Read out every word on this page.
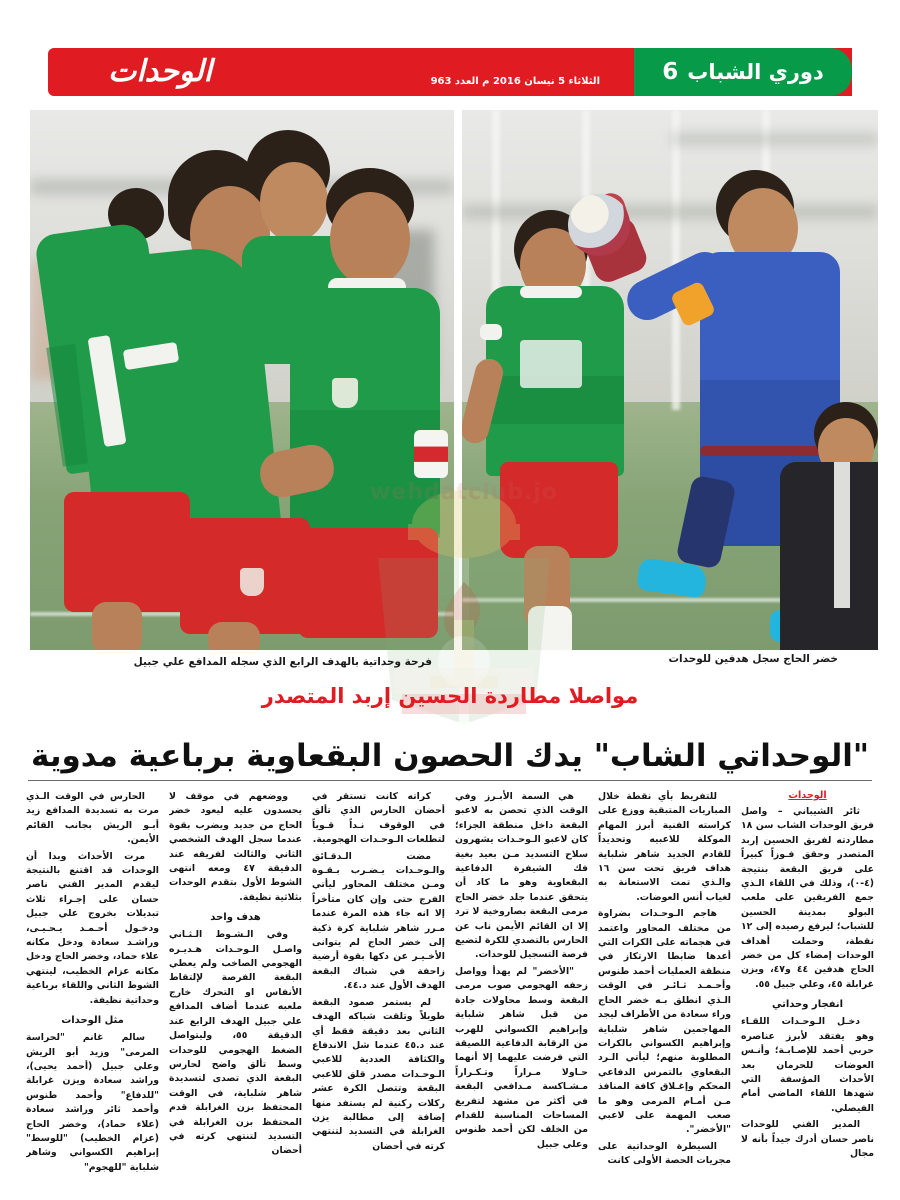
الوحدات	الثلاثاء 5 نيسان 2016 م العدد 963	دوري الشباب
6
خضر الحاج سجل هدفين للوحدات
فرحة وحداتية بالهدف الرابع الذي سجله المدافع علي جبيل
مواصلا مطاردة الحسين إربد المتصدر
"الوحداتي الشاب" يدك الحصون البقعاوية برباعية مدوية
الوحدات

ثائر الشيباني – واصل فريق الوحدات الشاب سن ١٨ مطاردته لفريق الحسين إربد المتصدر وحقق فـوزاً كبيراً على فريق البقعة بنتيجة (٤-٠)، وذلك في اللقاء الـذي جمع الفريقين على ملعب البولو بمدينة الحسين للشباب؛ ليرفع رصيده إلى ١٢ نقطة، وحملت أهداف الوحدات إمضاء كل من خضر الحاج هدفين ٤٤ و٤٧، ويزن غرابلة ٤٥، وعلي جبيل ٥٥.

انفجار وحداتي

دخـل الـوحـدات اللقـاء وهو يفتقد لأبرز عناصره حربي أحمد للإصـابـة؛ وأنـس العوضات للحرمان بعد الأحداث المؤسفة التي شهدها اللقاء الماضي أمام الفيصلي.

المدير الفني للوحدات ناصر حسان أدرك جيداً بأنه لا مجال

للتفريط بأي نقطة خلال المباريات المتبقية ووزع على كراسته الفنية أبرز المهام الموكلة للاعبيه وتحديداً للقادم الجديد شاهر شلباية هداف فريق تحت سن ١٦ والـذي تمت الاستعانة به لغياب أنس العوضات.

هاجم الـوحـدات بضراوة من مختلف المحاور واعتمد في هجماته على الكرات التي أعدها ضابطا الارتكاز في منطقة العمليات أحمد طنوس وأحـمـد ثـائـر في الوقت الـذي انطلق بـه خضر الحاج وراء سعادة من الأطراف ليجد المهاجمين شاهر شلباية وإبراهيم الكسواني بالكرات المطلوبة منهم؛ ليأتي الـرد البقعاوي بالتمرس الدفاعي المحكم وإغـلاق كافة المنافذ مـن أمـام المرمى وهو ما صعب المهمة على لاعبي "الأخضر".

السيطرة الوحداتية على مجريات الحصة الأولى كانت

هي السمة الأبـرز وفي الوقت الذي تحصن به لاعبو البقعة داخل منطقة الجزاء؛ كان لاعبو الـوحـدات يشهرون سلاح التسديد مـن بعيد بغية فك الشيفرة الدفاعية البقعاوية وهو ما كاد أن يتحقق عندما جلد خضر الحاج مرمى البقعة بصاروخية لا ترد إلا ان القائم الأيمن ناب عن الحارس بالتصدي للكرة لتضيع فرصة التسجيل للوحدات.

"الأخضر" لم يهدأ وواصل زحفه الهجومي صوب مرمى البقعة وسط محاولات جادة من قبل شاهر شلباية وإبراهيم الكسواني للهرب من الرقابة الدفاعية اللصيقة التي فرضت عليهما إلا أنهما حـاولا مـراراً وتـكـراراً مـشـاكسة مـدافعي البقعة في أكثر من مشهد لتفريغ المساحات المناسبة للقدام من الخلف لكن أحمد طنوس وعلي جبيل

كراته كانت تستقر في أحضان الحارس الذي تألق في الوقوف نـداً قـوياً لتطلعات الـوحـدات الهجومية.

مضت الـدقـائق والـوحـدات يـضـرب بـقـوة ومـن مختلف المحاور ليأتي الفرج حتى وإن كان متأخراً إلا انه جاء هذه المرة عندما مـرر شاهر شلباية كرة ذكية إلى خضر الحاج لم يتوانى الأخـيـر عن دكها بقوة أرضية زاحفة في شباك البقعة الهدف الأول عند د.٤٤.

لم يستمر صمود البقعة طويلاً وتلقت شباكه الهدف الثاني بعد دقيقة فقط أي عند د.٤٥ عندما شل الاندفاع والكثافة العددية للاعبي الـوحـدات مصدر قلق للاعبي البقعة وتتصل الكرة عشر ركلات ركنية لم يستفد منها إضافة إلى مطالبة يزن الغرابلة في التسديد لتنتهي كرته في أحضان

ووضعهم في موقف لا يحسدون عليه ليعود خضر الحاج من جديد ويضرب بقوة عندما سجل الهدف الشخصي الثاني والثالث لفريقه عند الدقيقة ٤٧ ومعه انتهى الشوط الأول بتقدم الوحدات بثلاثية نظيفة.

هدف واحد

وفي الـشـوط الـثـاني واصـل الـوحـدات هـديـره الهجومي الصاخب ولم يعطي البقعة الفرصة لإلتقاط الأنفاس او التحرك خارج ملعبه عندما أضاف المدافع علي جبيل الهدف الرابع عند الدقيقة ٥٥، وليتواصل الضغط الهجومي للوحدات وسط تألق واضح لحارس البقعة الذي تصدى لتسديدة شاهر شلباية، في الوقت المحتفظ بزن الغرابلة قدم المحتفظ بزن الغرابلة في التسديد لتنتهي كرته في أحضان

الحارس في الوقت الـذي مرت به تسديدة المدافع زيد أبـو الريش بجانب القائم الأيمن.

مرت الأحداث وبدا أن الوحدات قد اقتنع بالنتيجة ليقدم المدير الفني ناصر حسان على إجـراء ثلاث تبديلات بخروج علي جبيل ودخـول أحـمـد يـحـيـى، وراشـد سعادة ودخل مكانه علاء حماد، وخضر الحاج ودخل مكانه عزام الخطيب، لينتهي الشوط الثاني واللقاء برباعية وحداتية نظيفة.

مثل الوحدات

سالم غانم "لحراسة المرمى" وزيد أبو الريش وعلي جبيل (أحمد يحيى)، وراشد سعادة ويزن غرابلة "للدفاع" وأحمد طنوس وأحمد ثائر وراشد سعادة (علاء حماد)، وخضر الحاج (عزام الخطيب) "للوسط" إبراهيم الكسواني وشاهر شلباية "للهجوم"
